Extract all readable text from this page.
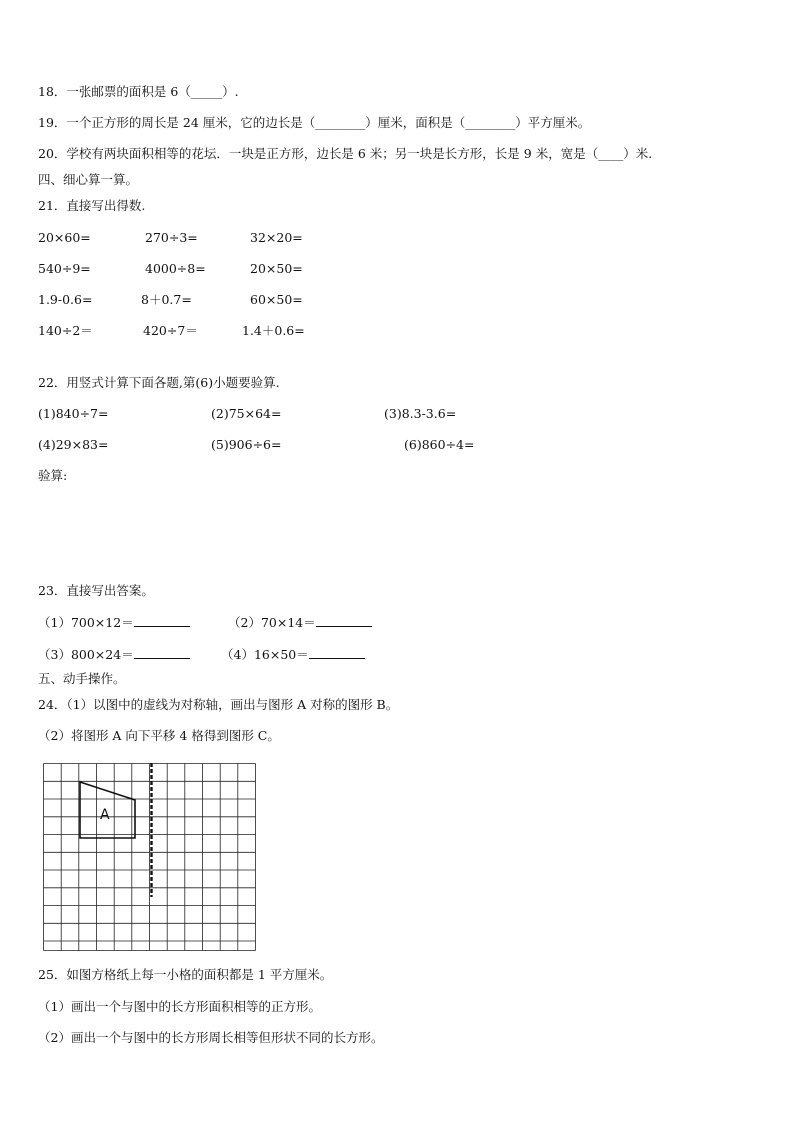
18．一张邮票的面积是 6（_____）.
19．一个正方形的周长是 24 厘米，它的边长是（________）厘米，面积是（________）平方厘米。
20．学校有两块面积相等的花坛．一块是正方形，边长是 6 米；另一块是长方形，长是 9 米，宽是（____）米.
四、细心算一算。
21．直接写出得数.
20×60=	270÷3=	32×20=
540÷9=	4000÷8=	20×50=
1.9-0.6=	8＋0.7=	60×50=
140÷2＝	420÷7＝	1.4＋0.6=
22．用竖式计算下面各题,第(6)小题要验算.
(1)840÷7=	(2)75×64=	(3)8.3-3.6=
(4)29×83=	(5)906÷6=	(6)860÷4=
验算:
23．直接写出答案。
（1）700×12＝	（2）70×14＝
（3）800×24＝	（4）16×50＝
五、动手操作。
24．（1）以图中的虚线为对称轴，画出与图形 A 对称的图形 B。
（2）将图形 A 向下平移 4 格得到图形 C。
A
25．如图方格纸上每一小格的面积都是 1 平方厘米。
（1）画出一个与图中的长方形面积相等的正方形。
（2）画出一个与图中的长方形周长相等但形状不同的长方形。
